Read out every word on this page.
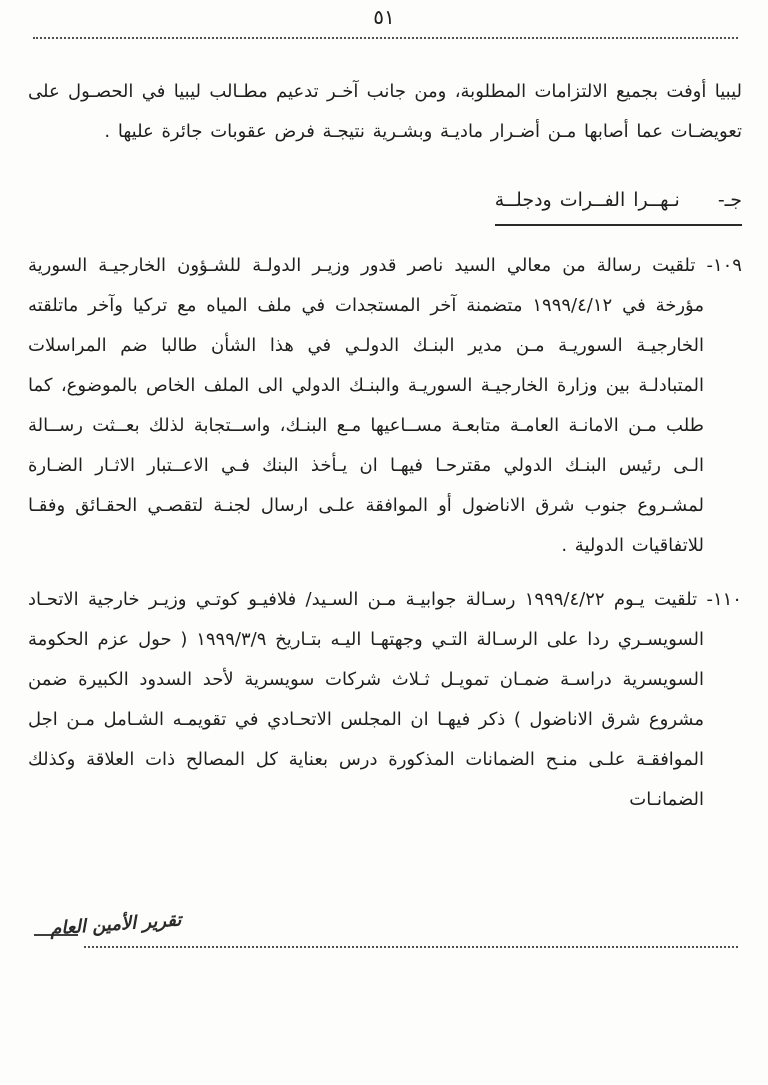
٥١

ليبيا أوفت بجميع الالتزامات المطلوبة، ومن جانب آخـر تدعيم مطـالب ليبيا في الحصـول على تعويضـات عما أصابها مـن أضـرار ماديـة وبشـرية نتيجـة فرض عقوبات جائرة عليها .

جـ- نـهــرا الفــرات ودجلــة

١٠٩- تلقيت رسالة من معالي السيد ناصر قدور وزيـر الدولـة للشـؤون الخارجيـة السورية مؤرخة في ١٩٩٩/٤/١٢ متضمنة آخر المستجدات في ملف المياه مع تركيا وآخر ماتلقته الخارجيـة السوريـة مـن مدير البنـك الدولـي في هذا الشأن طالبا ضم المراسلات المتبادلـة بين وزارة الخارجيـة السوريـة والبنـك الدولي الى الملف الخاص بالموضوع، كما طلب مـن الامانـة العامـة متابعـة مســاعيها مـع البنـك، واســتجابة لذلك بعــثت رســالة الـى رئيس البنـك الدولي مقترحـا فيهـا ان يـأخذ البنك فـي الاعــتبار الاثـار الضـارة لمشـروع جنوب شرق الاناضول أو الموافقة علـى ارسال لجنـة لتقصـي الحقـائق وفقـا للاتفاقيات الدولية .

١١٠- تلقيت يـوم ١٩٩٩/٤/٢٢ رسـالة جوابيـة مـن السـيد/ فلافيـو كوتـي وزيـر خارجية الاتحـاد السويسـري ردا على الرسـالة التـي وجهتهـا اليـه بتـاريخ ١٩٩٩/٣/٩ ( حول عزم الحكومة السويسرية دراسـة ضمـان تمويـل ثـلاث شركات سويسرية لأحد السدود الكبيرة ضمن مشروع شرق الاناضول ) ذكر فيهـا ان المجلس الاتحـادي في تقويمـه الشـامل مـن اجل الموافقـة علـى منـح الضمانات المذكورة درس بعناية كل المصالح ذات العلاقة وكذلك الضمانـات

تقرير الأمين العام
